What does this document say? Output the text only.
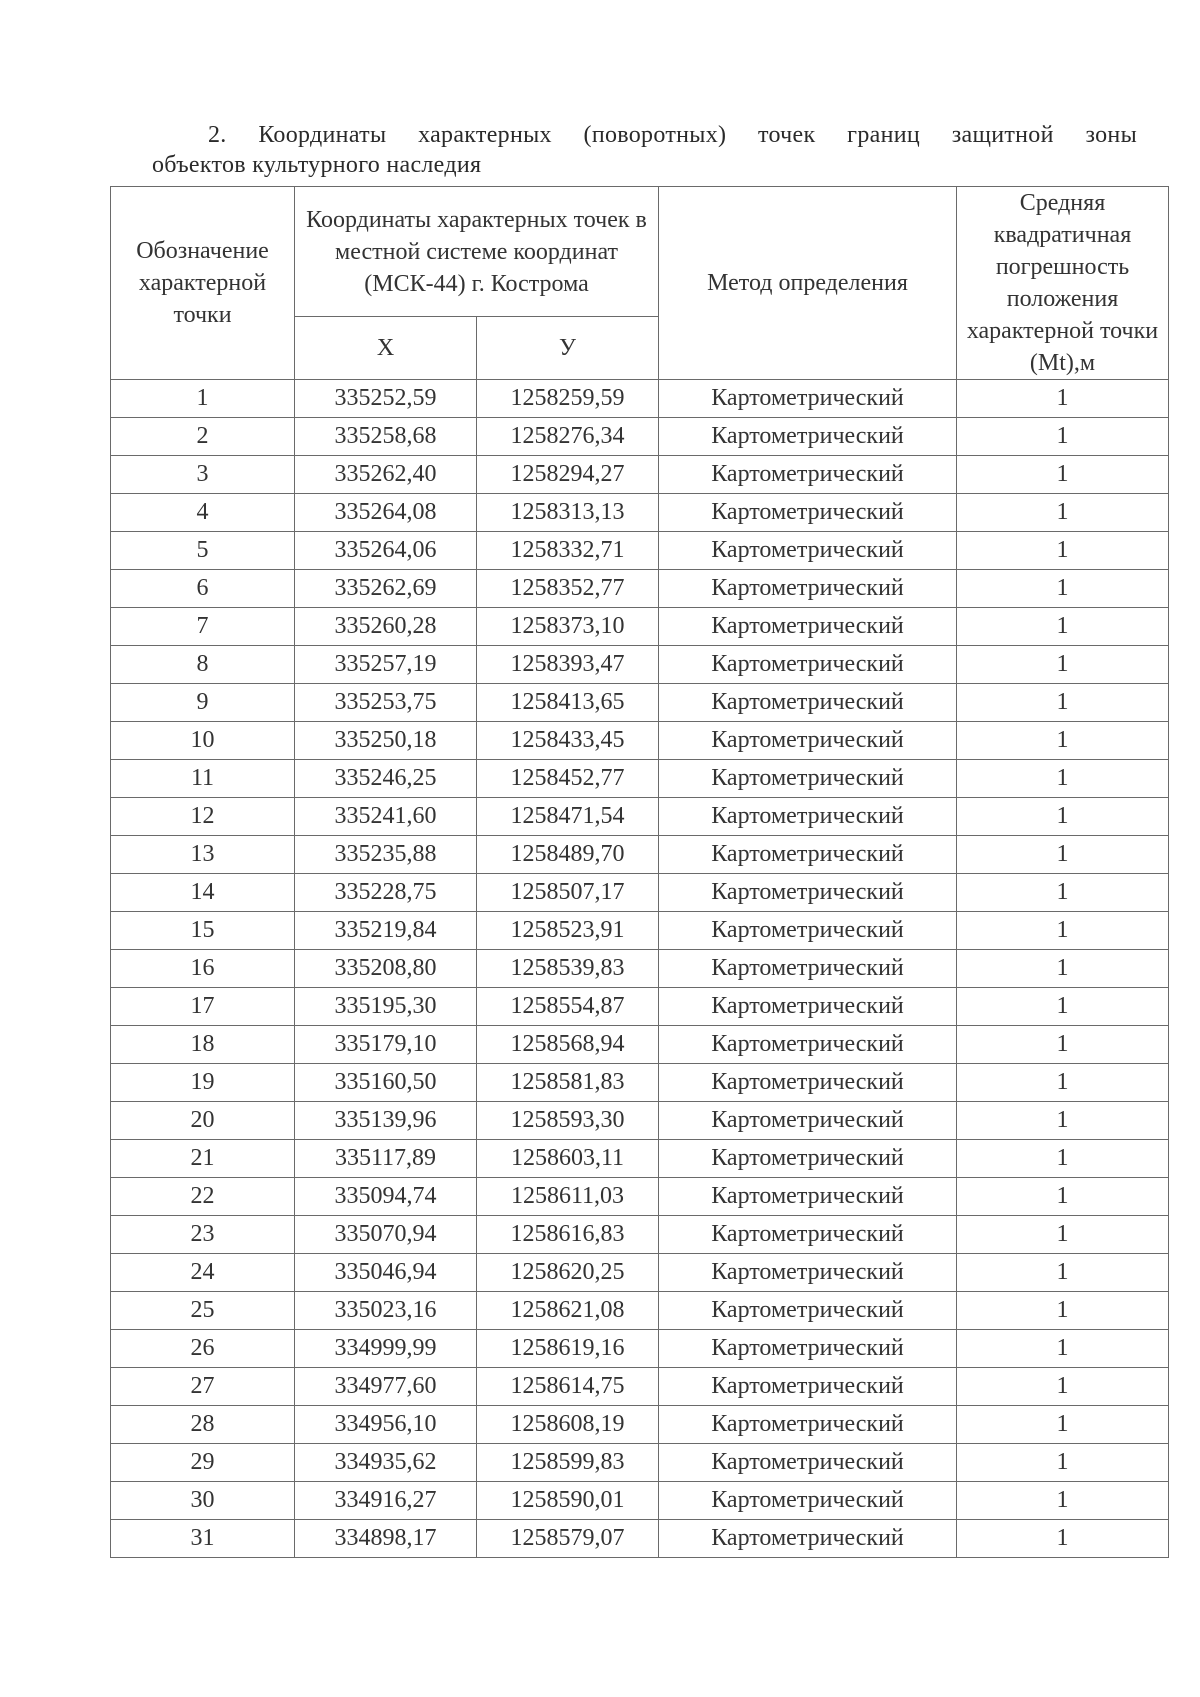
2. Координаты характерных (поворотных) точек границ защитной зоны
объектов культурного наследия
Обозначение характерной точки	Координаты характерных точек в местной системе координат (МСК-44) г. Кострома		Метод определения	Средняя квадратичная погрешность положения характерной точки (Mt),м
	Х	У		
1	335252,59	1258259,59	Картометрический	1
2	335258,68	1258276,34	Картометрический	1
3	335262,40	1258294,27	Картометрический	1
4	335264,08	1258313,13	Картометрический	1
5	335264,06	1258332,71	Картометрический	1
6	335262,69	1258352,77	Картометрический	1
7	335260,28	1258373,10	Картометрический	1
8	335257,19	1258393,47	Картометрический	1
9	335253,75	1258413,65	Картометрический	1
10	335250,18	1258433,45	Картометрический	1
11	335246,25	1258452,77	Картометрический	1
12	335241,60	1258471,54	Картометрический	1
13	335235,88	1258489,70	Картометрический	1
14	335228,75	1258507,17	Картометрический	1
15	335219,84	1258523,91	Картометрический	1
16	335208,80	1258539,83	Картометрический	1
17	335195,30	1258554,87	Картометрический	1
18	335179,10	1258568,94	Картометрический	1
19	335160,50	1258581,83	Картометрический	1
20	335139,96	1258593,30	Картометрический	1
21	335117,89	1258603,11	Картометрический	1
22	335094,74	1258611,03	Картометрический	1
23	335070,94	1258616,83	Картометрический	1
24	335046,94	1258620,25	Картометрический	1
25	335023,16	1258621,08	Картометрический	1
26	334999,99	1258619,16	Картометрический	1
27	334977,60	1258614,75	Картометрический	1
28	334956,10	1258608,19	Картометрический	1
29	334935,62	1258599,83	Картометрический	1
30	334916,27	1258590,01	Картометрический	1
31	334898,17	1258579,07	Картометрический	1
